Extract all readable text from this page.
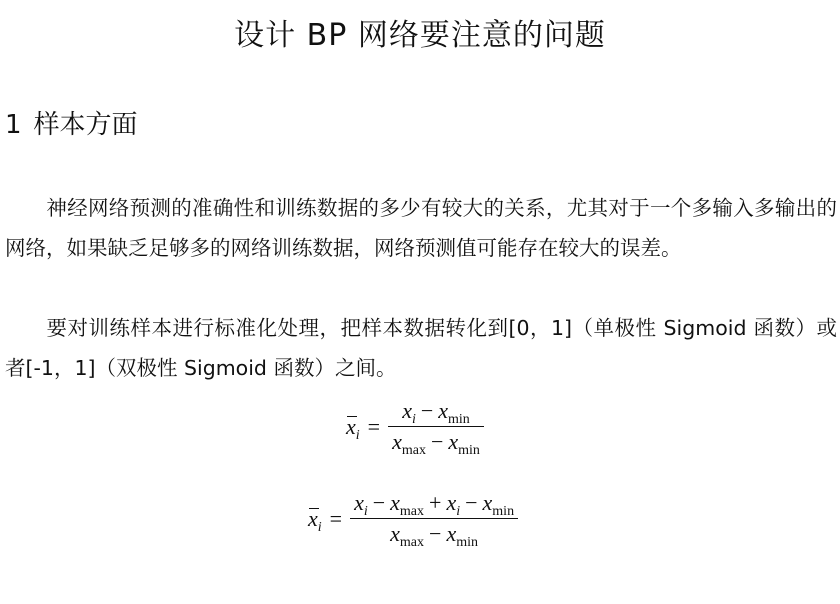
设计 BP 网络要注意的问题
1 样本方面

神经网络预测的准确性和训练数据的多少有较大的关系，尤其对于一个多输入多输出的网络，如果缺乏足够多的网络训练数据，网络预测值可能存在较大的误差。

要对训练样本进行标准化处理，把样本数据转化到[0，1]（单极性 Sigmoid 函数）或者[-1，1]（双极性 Sigmoid 函数）之间。

$x_i = \frac{x_i - x_{min}}{x_{max} - x_{min}}$
$x_i = \frac{x_i - x_{max} + x_i - x_{min}}{x_{max} - x_{min}}$
